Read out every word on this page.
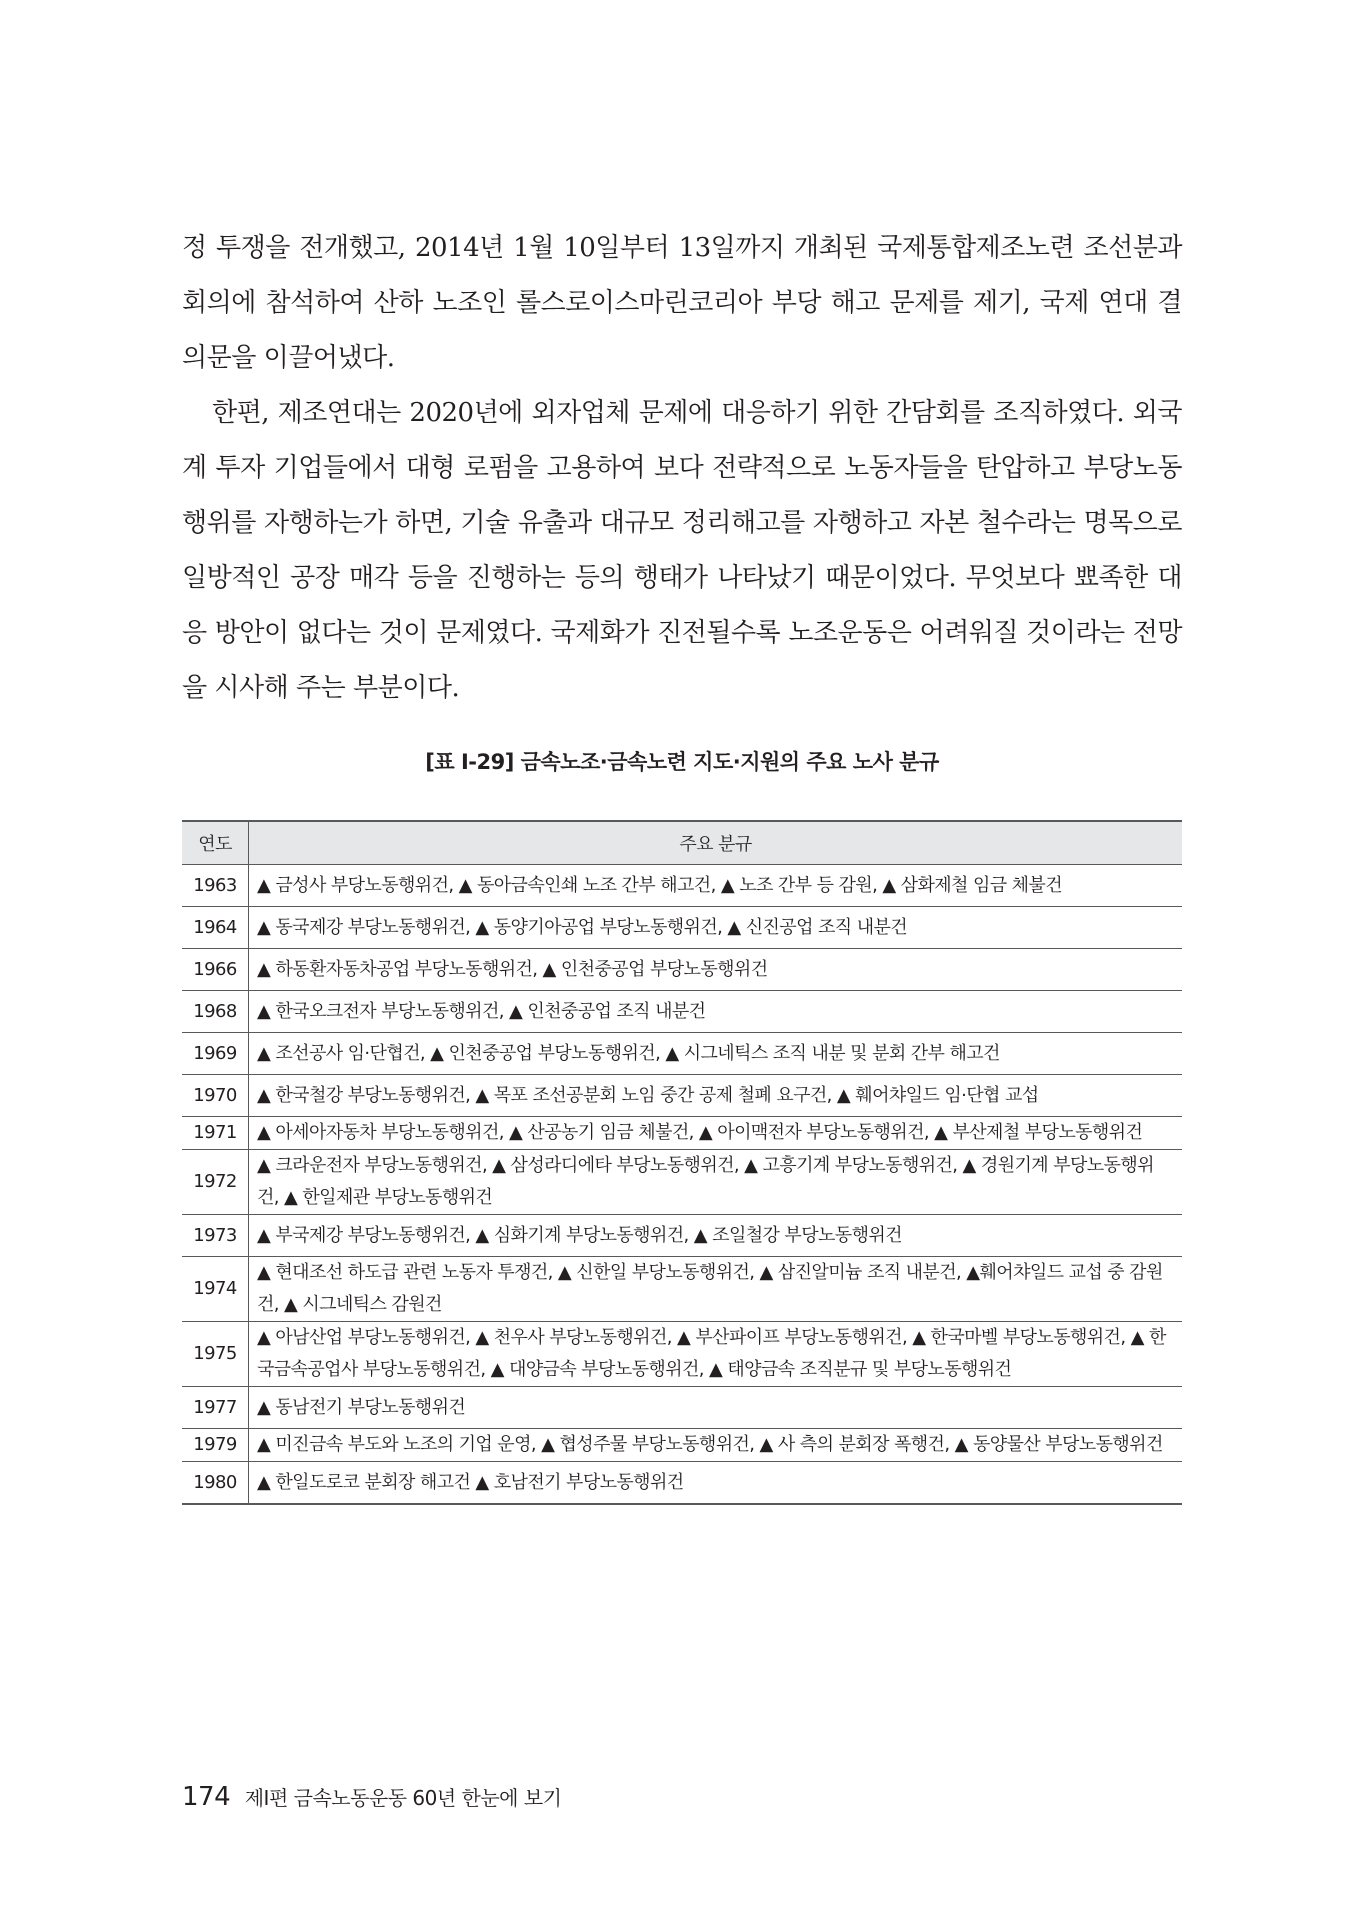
정 투쟁을 전개했고, 2014년 1월 10일부터 13일까지 개최된 국제통합제조노련 조선분과 회의에 참석하여 산하 노조인 롤스로이스마린코리아 부당 해고 문제를 제기, 국제 연대 결의문을 이끌어냈다.

한편, 제조연대는 2020년에 외자업체 문제에 대응하기 위한 간담회를 조직하였다. 외국계 투자 기업들에서 대형 로펌을 고용하여 보다 전략적으로 노동자들을 탄압하고 부당노동행위를 자행하는가 하면, 기술 유출과 대규모 정리해고를 자행하고 자본 철수라는 명목으로 일방적인 공장 매각 등을 진행하는 등의 행태가 나타났기 때문이었다. 무엇보다 뾰족한 대응 방안이 없다는 것이 문제였다. 국제화가 진전될수록 노조운동은 어려워질 것이라는 전망을 시사해 주는 부분이다.

[표 Ⅰ-29] 금속노조·금속노련 지도·지원의 주요 노사 분규
연도	주요 분규
1963	▲ 금성사 부당노동행위건, ▲ 동아금속인쇄 노조 간부 해고건, ▲ 노조 간부 등 감원, ▲ 삼화제철 임금 체불건
1964	▲ 동국제강 부당노동행위건, ▲ 동양기아공업 부당노동행위건, ▲ 신진공업 조직 내분건
1966	▲ 하동환자동차공업 부당노동행위건, ▲ 인천중공업 부당노동행위건
1968	▲ 한국오크전자 부당노동행위건, ▲ 인천중공업 조직 내분건
1969	▲ 조선공사 임·단협건, ▲ 인천중공업 부당노동행위건, ▲ 시그네틱스 조직 내분 및 분회 간부 해고건
1970	▲ 한국철강 부당노동행위건, ▲ 목포 조선공분회 노임 중간 공제 철폐 요구건, ▲ 훼어챠일드 임·단협 교섭
1971	▲ 아세아자동차 부당노동행위건, ▲ 산공농기 임금 체불건, ▲ 아이맥전자 부당노동행위건, ▲ 부산제철 부당노동행위건
1972	▲ 크라운전자 부당노동행위건, ▲ 삼성라디에타 부당노동행위건, ▲ 고흥기계 부당노동행위건, ▲ 경원기계 부당노동행위건, ▲ 한일제관 부당노동행위건
1973	▲ 부국제강 부당노동행위건, ▲ 심화기계 부당노동행위건, ▲ 조일철강 부당노동행위건
1974	▲ 현대조선 하도급 관련 노동자 투쟁건, ▲ 신한일 부당노동행위건, ▲ 삼진알미늄 조직 내분건, ▲훼어챠일드 교섭 중 감원건, ▲ 시그네틱스 감원건
1975	▲ 아남산업 부당노동행위건, ▲ 천우사 부당노동행위건, ▲ 부산파이프 부당노동행위건, ▲ 한국마벨 부당노동행위건, ▲ 한국금속공업사 부당노동행위건, ▲ 대양금속 부당노동행위건, ▲ 태양금속 조직분규 및 부당노동행위건
1977	▲ 동남전기 부당노동행위건
1979	▲ 미진금속 부도와 노조의 기업 운영, ▲ 협성주물 부당노동행위건, ▲ 사 측의 분회장 폭행건, ▲ 동양물산 부당노동행위건
1980	▲ 한일도로코 분회장 해고건 ▲ 호남전기 부당노동행위건
174 제Ⅰ편 금속노동운동 60년 한눈에 보기
